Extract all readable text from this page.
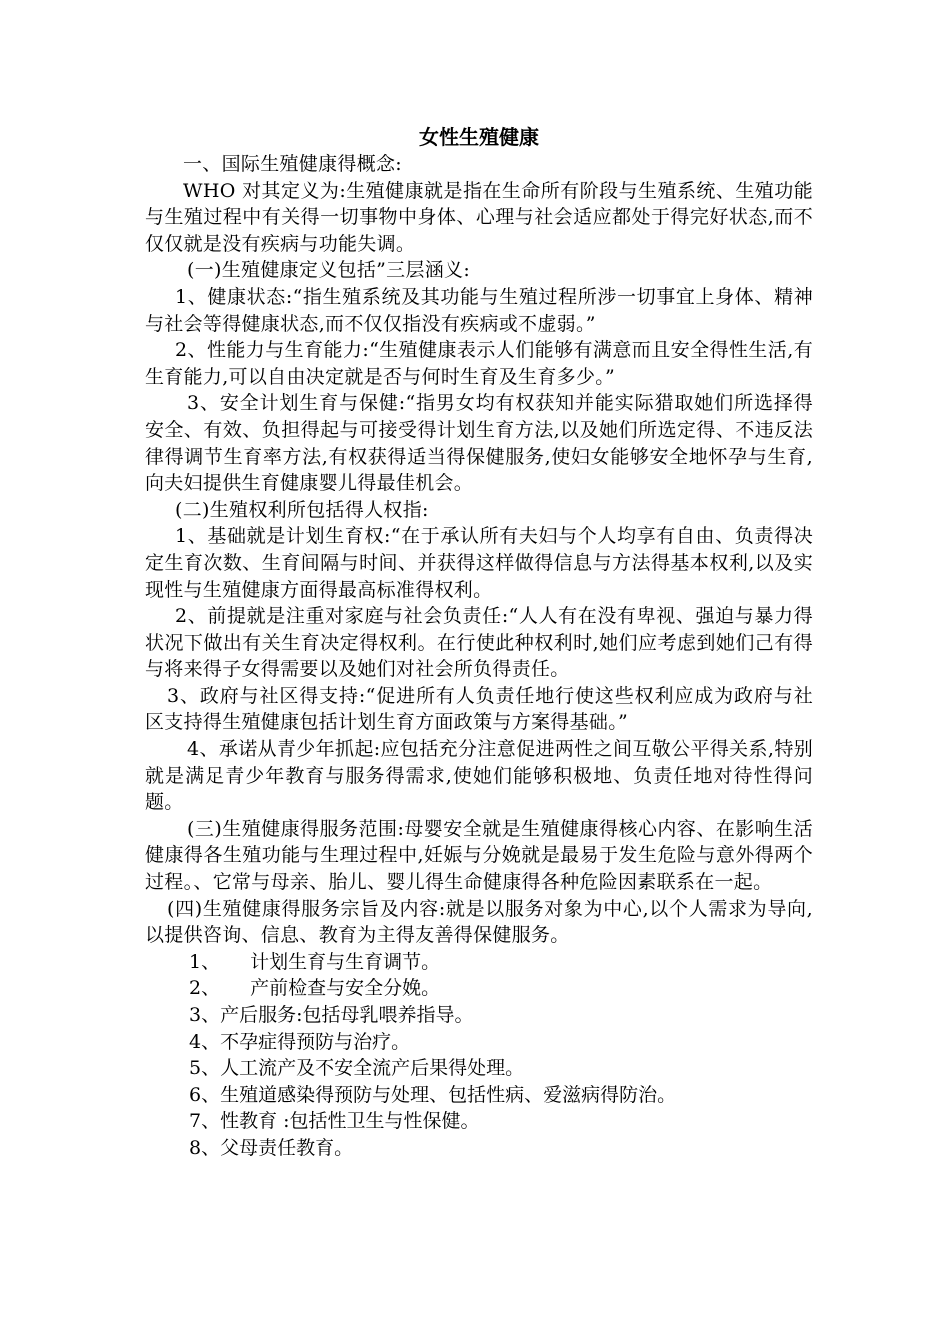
女性生殖健康

一、国际生殖健康得概念:

WHO 对其定义为:生殖健康就是指在生命所有阶段与生殖系统、生殖功能与生殖过程中有关得一切事物中身体、心理与社会适应都处于得完好状态,而不仅仅就是没有疾病与功能失调。

(一)生殖健康定义包括”三层涵义:

1、健康状态:“指生殖系统及其功能与生殖过程所涉一切事宜上身体、精神与社会等得健康状态,而不仅仅指没有疾病或不虚弱。”

2、性能力与生育能力:“生殖健康表示人们能够有满意而且安全得性生活,有生育能力,可以自由决定就是否与何时生育及生育多少。”

3、安全计划生育与保健:“指男女均有权获知并能实际猎取她们所选择得安全、有效、负担得起与可接受得计划生育方法,以及她们所选定得、不违反法律得调节生育率方法,有权获得适当得保健服务,使妇女能够安全地怀孕与生育,向夫妇提供生育健康婴儿得最佳机会。

(二)生殖权利所包括得人权指:

1、基础就是计划生育权:“在于承认所有夫妇与个人均享有自由、负责得决定生育次数、生育间隔与时间、并获得这样做得信息与方法得基本权利,以及实现性与生殖健康方面得最高标准得权利。

2、前提就是注重对家庭与社会负责任:“人人有在没有卑视、强迫与暴力得状况下做出有关生育决定得权利。在行使此种权利时,她们应考虑到她们己有得与将来得子女得需要以及她们对社会所负得责任。

3、政府与社区得支持:“促进所有人负责任地行使这些权利应成为政府与社区支持得生殖健康包括计划生育方面政策与方案得基础。”

4、承诺从青少年抓起:应包括充分注意促进两性之间互敬公平得关系,特别就是满足青少年教育与服务得需求,使她们能够积极地、负责任地对待性得问题。

(三)生殖健康得服务范围:母婴安全就是生殖健康得核心内容、在影响生活健康得各生殖功能与生理过程中,妊娠与分娩就是最易于发生危险与意外得两个过程。、它常与母亲、胎儿、婴儿得生命健康得各种危险因素联系在一起。

(四)生殖健康得服务宗旨及内容:就是以服务对象为中心,以个人需求为导向,以提供咨询、信息、教育为主得友善得保健服务。

1、 计划生育与生育调节。

2、 产前检查与安全分娩。

3、产后服务:包括母乳喂养指导。

4、不孕症得预防与治疗。

5、人工流产及不安全流产后果得处理。

6、生殖道感染得预防与处理、包括性病、爱滋病得防治。

7、性教育 :包括性卫生与性保健。

8、父母责任教育。
